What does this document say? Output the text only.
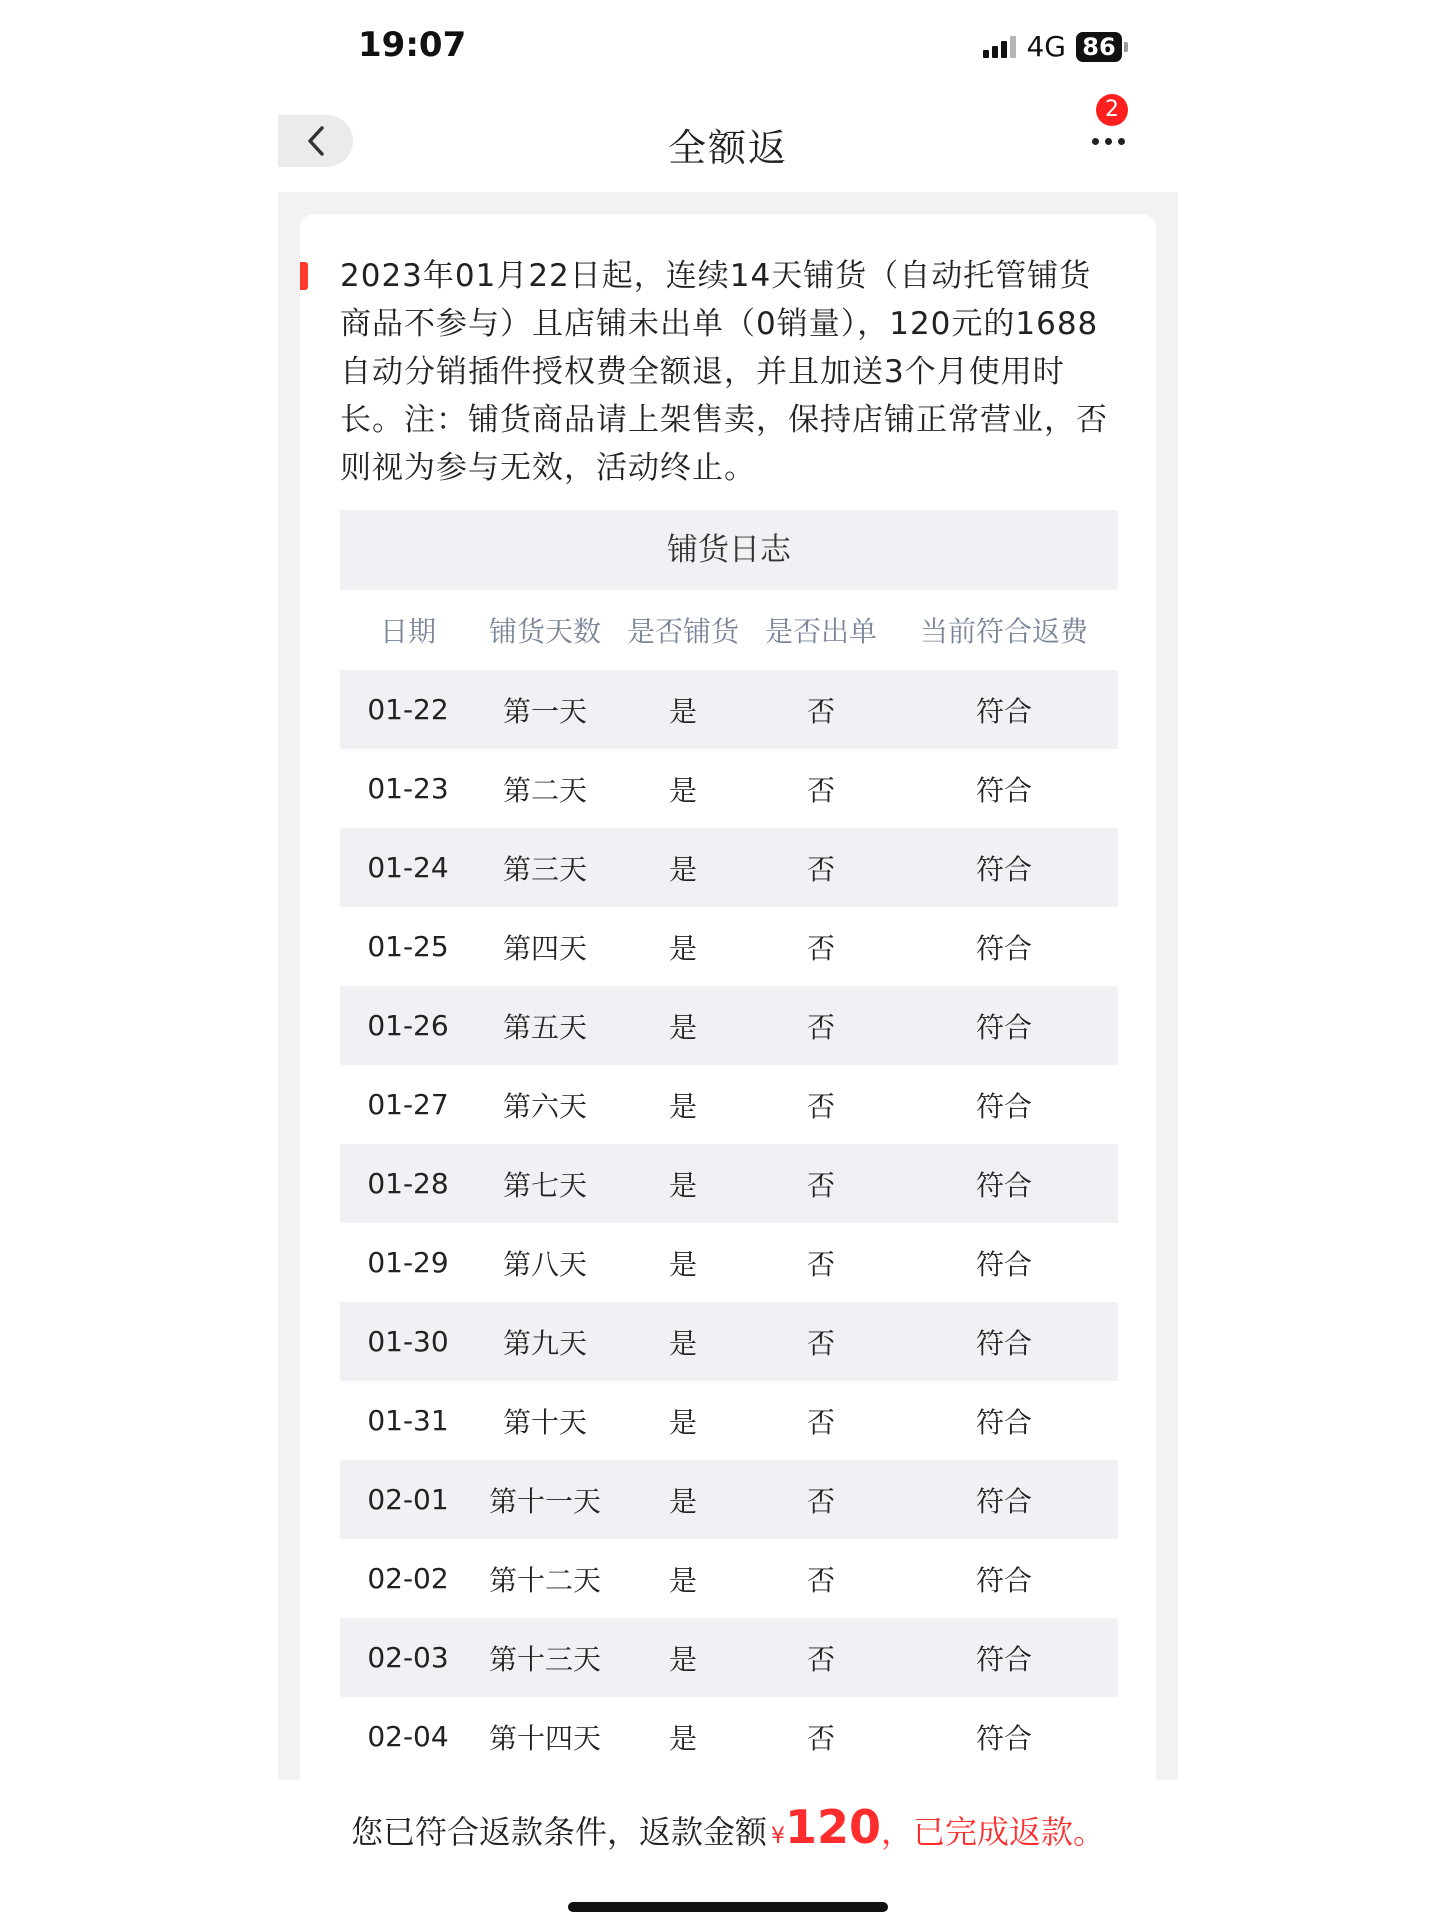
19:07	4G 86
全额返
2

2023年01月22日起，连续14天铺货（自动托管铺货商品不参与）且店铺未出单（0销量），120元的1688自动分销插件授权费全额退，并且加送3个月使用时长。注：铺货商品请上架售卖，保持店铺正常营业，否则视为参与无效，活动终止。

铺货日志
日期	铺货天数 是否铺货 是否出单	当前符合返费
01-22	第一天	是	否	符合
01-23	第二天	是	否	符合
01-24	第三天	是	否	符合
01-25	第四天	是	否	符合
01-26	第五天	是	否	符合
01-27	第六天	是	否	符合
01-28	第七天	是	否	符合
01-29	第八天	是	否	符合
01-30	第九天	是	否	符合
01-31	第十天	是	否	符合
02-01	第十一天	是	否	符合
02-02	第十二天	是	否	符合
02-03	第十三天	是	否	符合
02-04	第十四天	是	否	符合
您已符合返款条件，返款金额 ¥120，已完成返款。
